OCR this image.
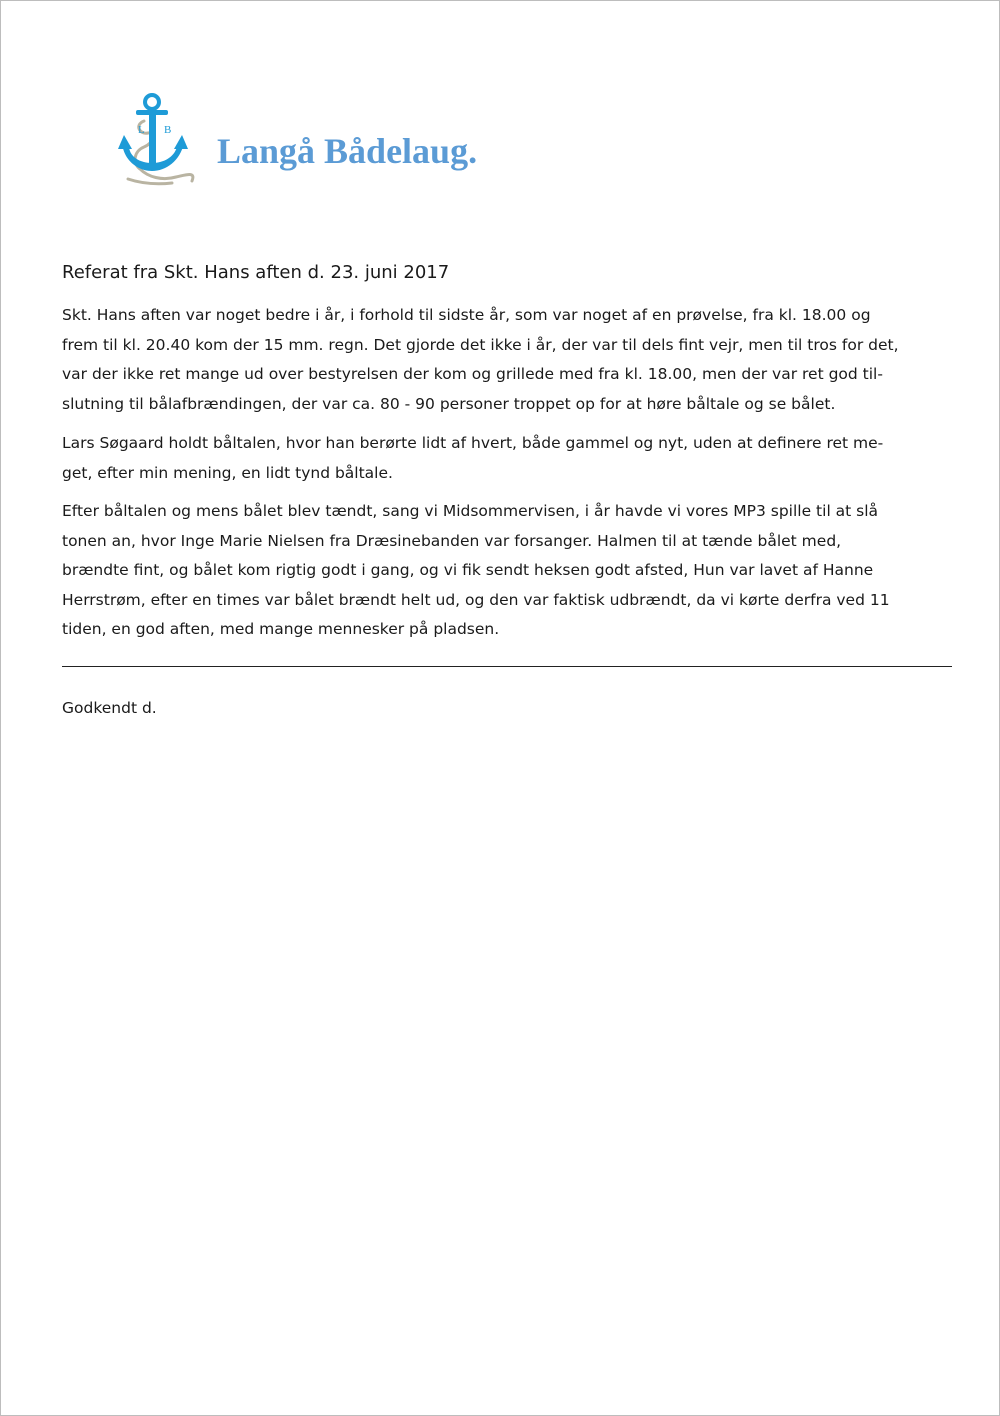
L B
Langå Bådelaug.
Referat fra Skt. Hans aften d. 23. juni 2017

Skt. Hans aften var noget bedre i år, i forhold til sidste år, som var noget af en prøvelse, fra kl. 18.00 og
frem til kl. 20.40 kom der 15 mm. regn. Det gjorde det ikke i år, der var til dels fint vejr, men til tros for det,
var der ikke ret mange ud over bestyrelsen der kom og grillede med fra kl. 18.00, men der var ret god til-
slutning til bålafbrændingen, der var ca. 80 - 90 personer troppet op for at høre båltale og se bålet.

Lars Søgaard holdt båltalen, hvor han berørte lidt af hvert, både gammel og nyt, uden at definere ret me-
get, efter min mening, en lidt tynd båltale.

Efter båltalen og mens bålet blev tændt, sang vi Midsommervisen, i år havde vi vores MP3 spille til at slå
tonen an, hvor Inge Marie Nielsen fra Dræsinebanden var forsanger. Halmen til at tænde bålet med,
brændte fint, og bålet kom rigtig godt i gang, og vi fik sendt heksen godt afsted, Hun var lavet af Hanne
Herrstrøm, efter en times var bålet brændt helt ud, og den var faktisk udbrændt, da vi kørte derfra ved 11
tiden, en god aften, med mange mennesker på pladsen.

Godkendt d.
